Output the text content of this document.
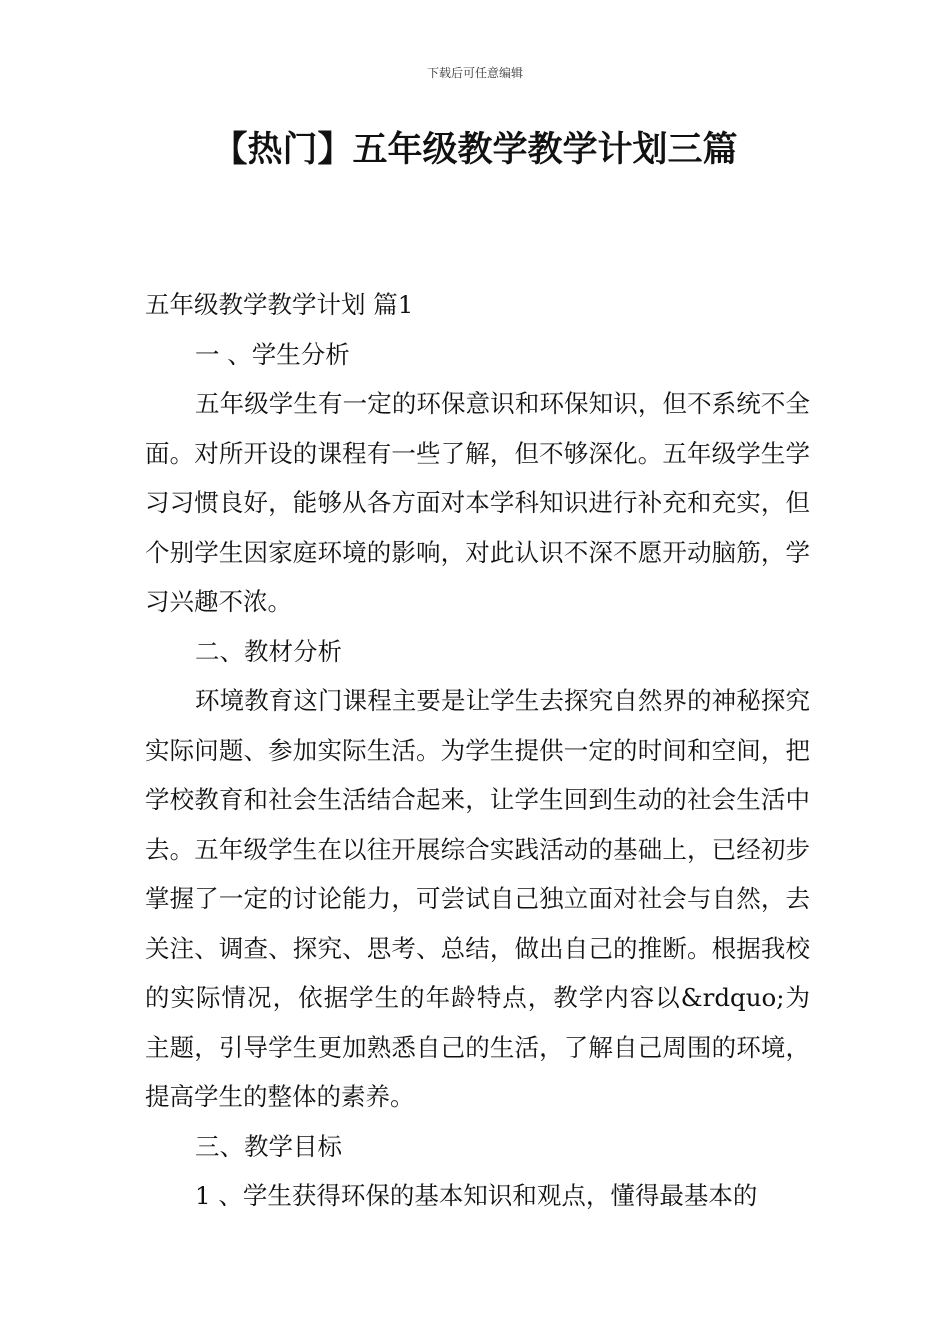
下载后可任意编辑
【热门】五年级教学教学计划三篇

五年级教学教学计划 篇1

一 、学生分析

五年级学生有一定的环保意识和环保知识，但不系统不全面。对所开设的课程有一些了解，但不够深化。五年级学生学习习惯良好，能够从各方面对本学科知识进行补充和充实，但个别学生因家庭环境的影响，对此认识不深不愿开动脑筋，学习兴趣不浓。

二、教材分析

环境教育这门课程主要是让学生去探究自然界的神秘探究实际问题、参加实际生活。为学生提供一定的时间和空间，把学校教育和社会生活结合起来，让学生回到生动的社会生活中去。五年级学生在以往开展综合实践活动的基础上，已经初步掌握了一定的讨论能力，可尝试自己独立面对社会与自然，去关注、调查、探究、思考、总结，做出自己的推断。根据我校的实际情况，依据学生的年龄特点，教学内容以&rdquo;为主题，引导学生更加熟悉自己的生活，了解自己周围的环境，提高学生的整体的素养。

三、教学目标

1 、学生获得环保的基本知识和观点，懂得最基本的
